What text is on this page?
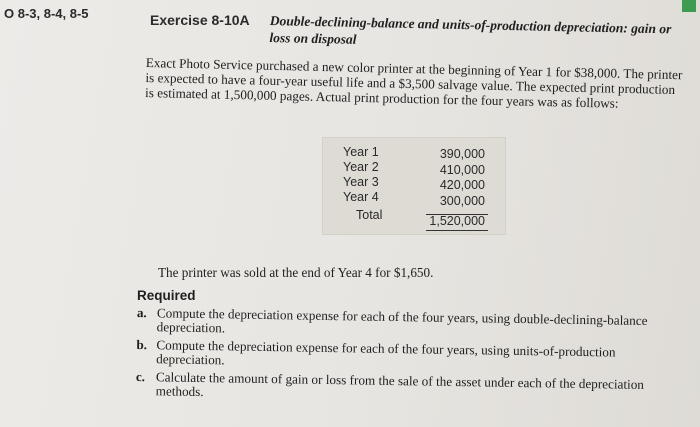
O 8-3, 8-4, 8-5	Exercise 8-10A Double-declining-balance and units-of-production depreciation: gain or loss on disposal
Exact Photo Service purchased a new color printer at the beginning of Year 1 for $38,000. The printer is expected to have a four-year useful life and a $3,500 salvage value. The expected print production is estimated at 1,500,000 pages. Actual print production for the four years was as follows:
Year 1	390,000
Year 2	410,000
Year 3	420,000
Year 4	300,000
Total	1,520,000
The printer was sold at the end of Year 4 for $1,650.
Required
a. Compute the depreciation expense for each of the four years, using double-declining-balance depreciation.
b. Compute the depreciation expense for each of the four years, using units-of-production depreciation.
c. Calculate the amount of gain or loss from the sale of the asset under each of the depreciation methods.
